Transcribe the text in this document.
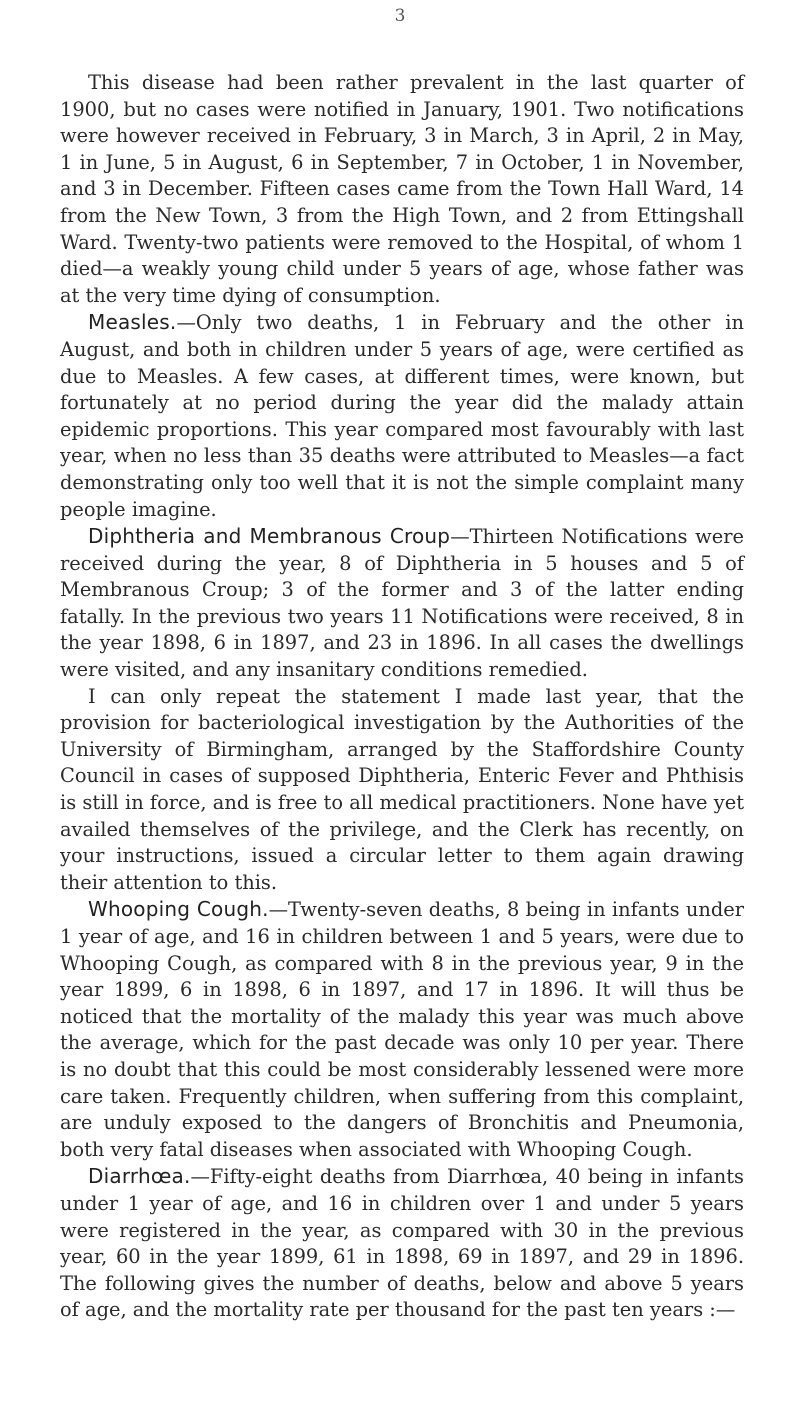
3

This disease had been rather prevalent in the last quarter of 1900, but no cases were notified in January, 1901. Two notifications were however received in February, 3 in March, 3 in April, 2 in May, 1 in June, 5 in August, 6 in September, 7 in October, 1 in November, and 3 in December. Fifteen cases came from the Town Hall Ward, 14 from the New Town, 3 from the High Town, and 2 from Ettingshall Ward. Twenty-two patients were removed to the Hospital, of whom 1 died—a weakly young child under 5 years of age, whose father was at the very time dying of consumption.

Measles.—Only two deaths, 1 in February and the other in August, and both in children under 5 years of age, were certified as due to Measles. A few cases, at different times, were known, but fortunately at no period during the year did the malady attain epidemic proportions. This year compared most favourably with last year, when no less than 35 deaths were attributed to Measles—a fact demonstrating only too well that it is not the simple complaint many people imagine.

Diphtheria and Membranous Croup—Thirteen Notifications were received during the year, 8 of Diphtheria in 5 houses and 5 of Membranous Croup; 3 of the former and 3 of the latter ending fatally. In the previous two years 11 Notifications were received, 8 in the year 1898, 6 in 1897, and 23 in 1896. In all cases the dwellings were visited, and any insanitary conditions remedied.

I can only repeat the statement I made last year, that the provision for bacteriological investigation by the Authorities of the University of Birmingham, arranged by the Staffordshire County Council in cases of supposed Diphtheria, Enteric Fever and Phthisis is still in force, and is free to all medical practitioners. None have yet availed themselves of the privilege, and the Clerk has recently, on your instructions, issued a circular letter to them again drawing their attention to this.

Whooping Cough.—Twenty-seven deaths, 8 being in infants under 1 year of age, and 16 in children between 1 and 5 years, were due to Whooping Cough, as compared with 8 in the previous year, 9 in the year 1899, 6 in 1898, 6 in 1897, and 17 in 1896. It will thus be noticed that the mortality of the malady this year was much above the average, which for the past decade was only 10 per year. There is no doubt that this could be most considerably lessened were more care taken. Frequently children, when suffering from this complaint, are unduly exposed to the dangers of Bronchitis and Pneumonia, both very fatal diseases when associated with Whooping Cough.

Diarrhœa.—Fifty-eight deaths from Diarrhœa, 40 being in infants under 1 year of age, and 16 in children over 1 and under 5 years were registered in the year, as compared with 30 in the previous year, 60 in the year 1899, 61 in 1898, 69 in 1897, and 29 in 1896. The following gives the number of deaths, below and above 5 years of age, and the mortality rate per thousand for the past ten years :—
